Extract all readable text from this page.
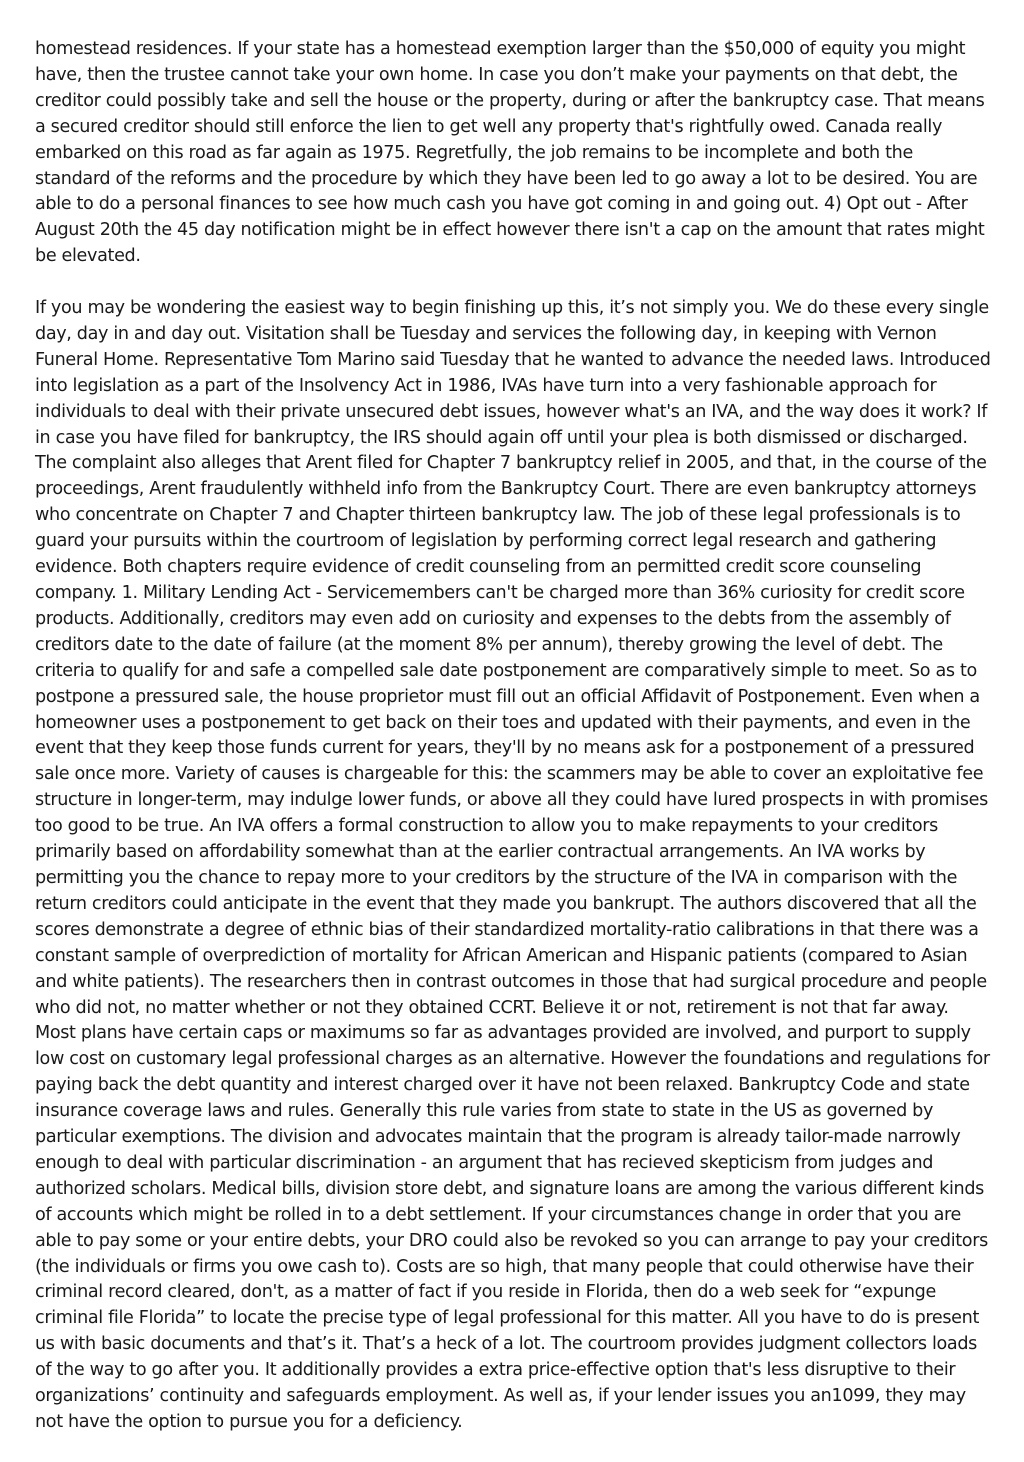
homestead residences. If your state has a homestead exemption larger than the $50,000 of equity you might have, then the trustee cannot take your own home. In case you don’t make your payments on that debt, the creditor could possibly take and sell the house or the property, during or after the bankruptcy case. That means a secured creditor should still enforce the lien to get well any property that's rightfully owed. Canada really embarked on this road as far again as 1975. Regretfully, the job remains to be incomplete and both the standard of the reforms and the procedure by which they have been led to go away a lot to be desired. You are able to do a personal finances to see how much cash you have got coming in and going out. 4) Opt out - After August 20th the 45 day notification might be in effect however there isn't a cap on the amount that rates might be elevated.

If you may be wondering the easiest way to begin finishing up this, it’s not simply you. We do these every single day, day in and day out. Visitation shall be Tuesday and services the following day, in keeping with Vernon Funeral Home. Representative Tom Marino said Tuesday that he wanted to advance the needed laws. Introduced into legislation as a part of the Insolvency Act in 1986, IVAs have turn into a very fashionable approach for individuals to deal with their private unsecured debt issues, however what's an IVA, and the way does it work? If in case you have filed for bankruptcy, the IRS should again off until your plea is both dismissed or discharged. The complaint also alleges that Arent filed for Chapter 7 bankruptcy relief in 2005, and that, in the course of the proceedings, Arent fraudulently withheld info from the Bankruptcy Court. There are even bankruptcy attorneys who concentrate on Chapter 7 and Chapter thirteen bankruptcy law. The job of these legal professionals is to guard your pursuits within the courtroom of legislation by performing correct legal research and gathering evidence. Both chapters require evidence of credit counseling from an permitted credit score counseling company. 1. Military Lending Act - Servicemembers can't be charged more than 36% curiosity for credit score products. Additionally, creditors may even add on curiosity and expenses to the debts from the assembly of creditors date to the date of failure (at the moment 8% per annum), thereby growing the level of debt. The criteria to qualify for and safe a compelled sale date postponement are comparatively simple to meet. So as to postpone a pressured sale, the house proprietor must fill out an official Affidavit of Postponement. Even when a homeowner uses a postponement to get back on their toes and updated with their payments, and even in the event that they keep those funds current for years, they'll by no means ask for a postponement of a pressured sale once more. Variety of causes is chargeable for this: the scammers may be able to cover an exploitative fee structure in longer-term, may indulge lower funds, or above all they could have lured prospects in with promises too good to be true. An IVA offers a formal construction to allow you to make repayments to your creditors primarily based on affordability somewhat than at the earlier contractual arrangements. An IVA works by permitting you the chance to repay more to your creditors by the structure of the IVA in comparison with the return creditors could anticipate in the event that they made you bankrupt. The authors discovered that all the scores demonstrate a degree of ethnic bias of their standardized mortality-ratio calibrations in that there was a constant sample of overprediction of mortality for African American and Hispanic patients (compared to Asian and white patients). The researchers then in contrast outcomes in those that had surgical procedure and people who did not, no matter whether or not they obtained CCRT. Believe it or not, retirement is not that far away. Most plans have certain caps or maximums so far as advantages provided are involved, and purport to supply low cost on customary legal professional charges as an alternative. However the foundations and regulations for paying back the debt quantity and interest charged over it have not been relaxed. Bankruptcy Code and state insurance coverage laws and rules. Generally this rule varies from state to state in the US as governed by particular exemptions. The division and advocates maintain that the program is already tailor-made narrowly enough to deal with particular discrimination - an argument that has recieved skepticism from judges and authorized scholars. Medical bills, division store debt, and signature loans are among the various different kinds of accounts which might be rolled in to a debt settlement. If your circumstances change in order that you are able to pay some or your entire debts, your DRO could also be revoked so you can arrange to pay your creditors (the individuals or firms you owe cash to). Costs are so high, that many people that could otherwise have their criminal record cleared, don't, as a matter of fact if you reside in Florida, then do a web seek for “expunge criminal file Florida” to locate the precise type of legal professional for this matter. All you have to do is present us with basic documents and that’s it. That’s a heck of a lot. The courtroom provides judgment collectors loads of the way to go after you. It additionally provides a extra price-effective option that's less disruptive to their organizations’ continuity and safeguards employment. As well as, if your lender issues you an1099, they may not have the option to pursue you for a deficiency.
